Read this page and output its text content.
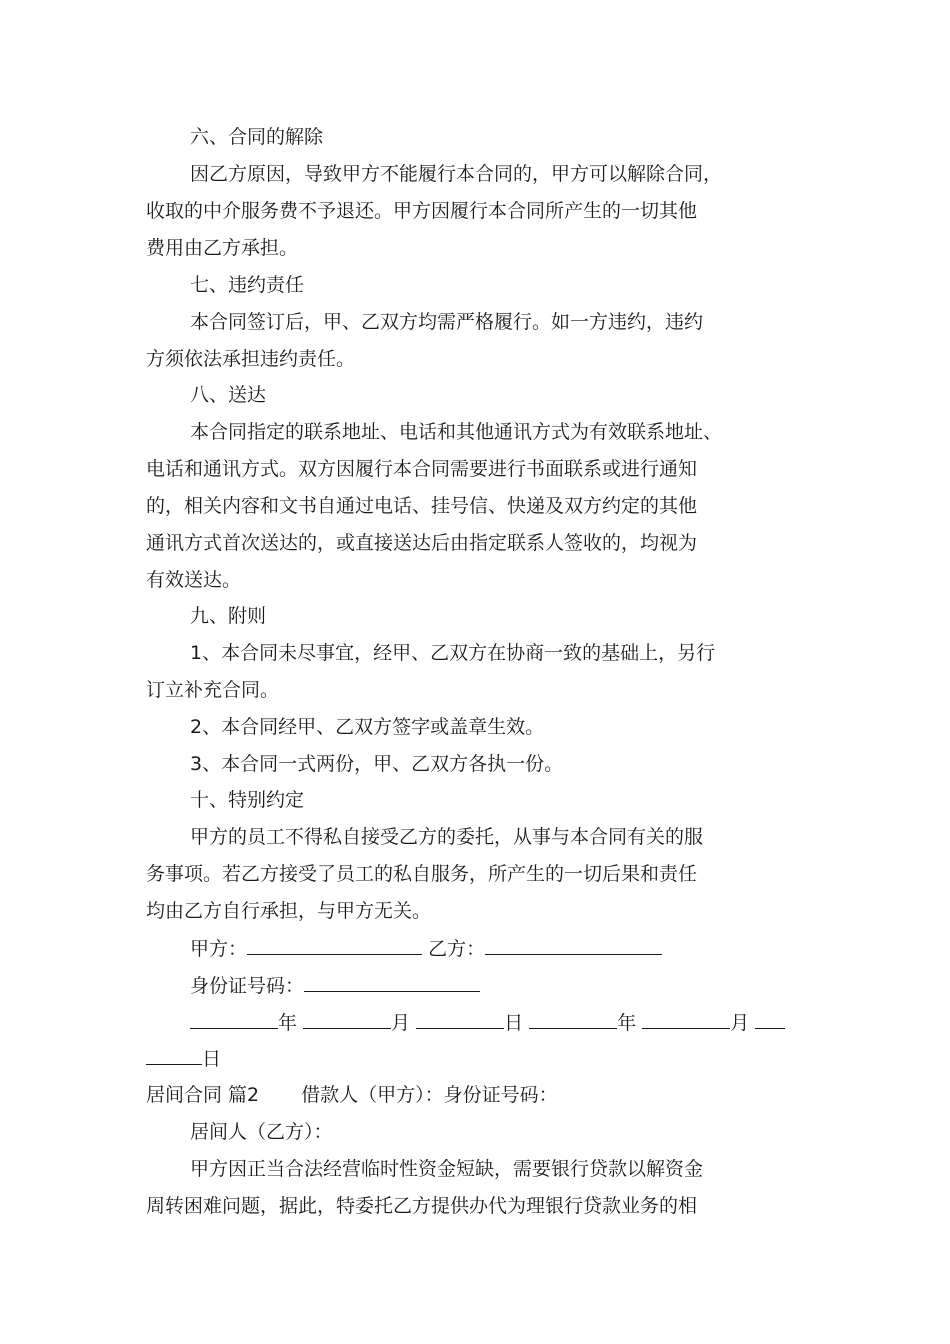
六、合同的解除
因乙方原因，导致甲方不能履行本合同的，甲方可以解除合同，
收取的中介服务费不予退还。甲方因履行本合同所产生的一切其他
费用由乙方承担。
七、违约责任
本合同签订后，甲、乙双方均需严格履行。如一方违约，违约
方须依法承担违约责任。
八、送达
本合同指定的联系地址、电话和其他通讯方式为有效联系地址、
电话和通讯方式。双方因履行本合同需要进行书面联系或进行通知
的，相关内容和文书自通过电话、挂号信、快递及双方约定的其他
通讯方式首次送达的，或直接送达后由指定联系人签收的，均视为
有效送达。
九、附则
1、本合同未尽事宜，经甲、乙双方在协商一致的基础上，另行
订立补充合同。
2、本合同经甲、乙双方签字或盖章生效。
3、本合同一式两份，甲、乙双方各执一份。
十、特别约定
甲方的员工不得私自接受乙方的委托，从事与本合同有关的服
务事项。若乙方接受了员工的私自服务，所产生的一切后果和责任
均由乙方自行承担，与甲方无关。
甲方：	乙方：
身份证号码：
年	月	日	年	月
日
居间合同 篇2 借款人（甲方）：身份证号码：
居间人（乙方）：
甲方因正当合法经营临时性资金短缺，需要银行贷款以解资金
周转困难问题，据此，特委托乙方提供办代为理银行贷款业务的相
